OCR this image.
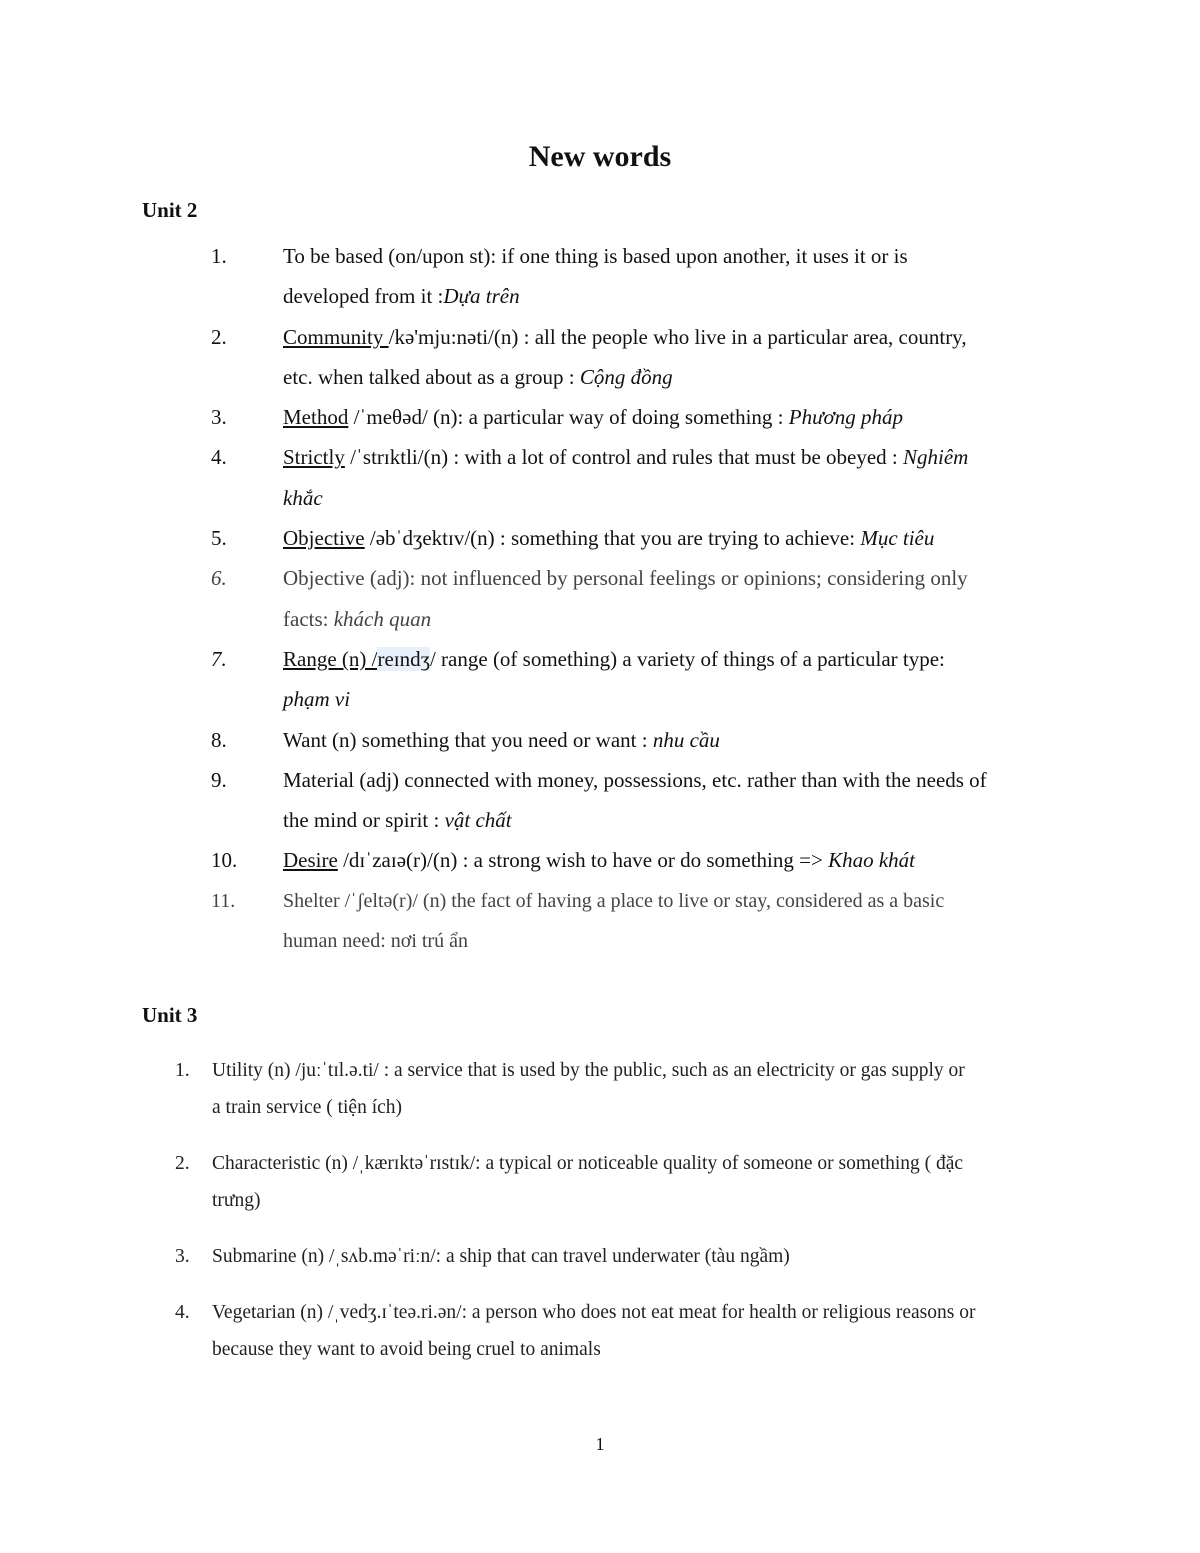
New words
Unit 2
1.	To be based (on/upon st): if one thing is based upon another, it uses it or is
developed from it :Dựa trên
2.	Community /kə'mju:nəti/(n) : all the people who live in a particular area, country,
etc. when talked about as a group : Cộng đồng
3.	Method /ˈmeθəd/ (n): a particular way of doing something : Phương pháp
4.	Strictly /ˈstrɪktli/(n) : with a lot of control and rules that must be obeyed : Nghiêm
khắc
5.	Objective /əbˈdʒektɪv/(n) : something that you are trying to achieve: Mục tiêu
6.	Objective (adj): not influenced by personal feelings or opinions; considering only
facts: khách quan
7.	Range (n) /reɪndʒ/ range (of something) a variety of things of a particular type:
phạm vi
8.	Want (n) something that you need or want : nhu cầu
9.	Material (adj) connected with money, possessions, etc. rather than with the needs of
the mind or spirit : vật chất
10. Desire /dɪˈzaɪə(r)/(n) : a strong wish to have or do something => Khao khát
11. Shelter /ˈʃeltə(r)/ (n) the fact of having a place to live or stay, considered as a basic
human need: nơi trú ẩn
Unit 3
1. Utility (n) /juːˈtɪl.ə.ti/ : a service that is used by the public, such as an electricity or gas supply or
a train service ( tiện ích)
2. Characteristic (n) /ˌkærɪktəˈrɪstɪk/: a typical or noticeable quality of someone or something ( đặc
trưng)
3. Submarine (n) /ˌsʌb.məˈriːn/: a ship that can travel underwater (tàu ngầm)
4. Vegetarian (n) /ˌvedʒ.ɪˈteə.ri.ən/: a person who does not eat meat for health or religious reasons or
because they want to avoid being cruel to animals
1
